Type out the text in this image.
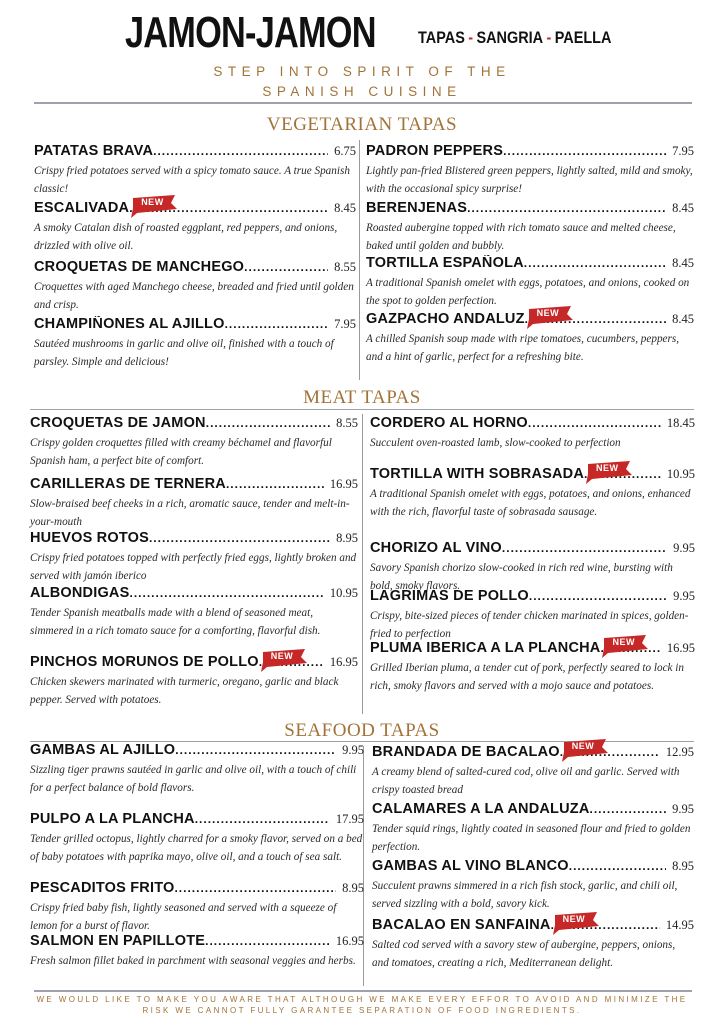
JAMON-JAMON TAPAS - SANGRIA - PAELLA
STEP INTO SPIRIT OF THE
SPANISH CUISINE
VEGETARIAN TAPAS
MEAT TAPAS
SEAFOOD TAPAS
PATATAS BRAVA .....	6.75
Crispy fried potatoes served with a spicy tomato sauce. A true Spanish classic!
ESCALIVADA .....	8.45
A smoky Catalan dish of roasted eggplant, red peppers, and onions, drizzled with olive oil.
NEW
CROQUETAS DE MANCHEGO .....	8.55
Croquettes with aged Manchego cheese, breaded and fried until golden and crisp.
CHAMPIÑONES AL AJILLO .....	7.95
Sautéed mushrooms in garlic and olive oil, finished with a touch of parsley. Simple and delicious!
PADRON PEPPERS .....	7.95
Lightly pan-fried Blistered green peppers, lightly salted, mild and smoky, with the occasional spicy surprise!
BERENJENAS .....	8.45
Roasted aubergine topped with rich tomato sauce and melted cheese, baked until golden and bubbly.
TORTILLA ESPAÑOLA .....	8.45
A traditional Spanish omelet with eggs, potatoes, and onions, cooked on the spot to golden perfection.
GAZPACHO ANDALUZ .....	8.45
A chilled Spanish soup made with ripe tomatoes, cucumbers, peppers, and a hint of garlic, perfect for a refreshing bite.
NEW
CROQUETAS DE JAMON .....	8.55
Crispy golden croquettes filled with creamy béchamel and flavorful Spanish ham, a perfect bite of comfort.
CARILLERAS DE TERNERA .....	16.95
Slow-braised beef cheeks in a rich, aromatic sauce, tender and melt-in-your-mouth
HUEVOS ROTOS .....	8.95
Crispy fried potatoes topped with perfectly fried eggs, lightly broken and served with jamón iberico
ALBONDIGAS .....	10.95
Tender Spanish meatballs made with a blend of seasoned meat, simmered in a rich tomato sauce for a comforting, flavorful dish.
PINCHOS MORUNOS DE POLLO .....	16.95
Chicken skewers marinated with turmeric, oregano, garlic and black pepper. Served with potatoes.
NEW
CORDERO AL HORNO .....	18.45
Succulent oven-roasted lamb, slow-cooked to perfection
TORTILLA WITH SOBRASADA .....	10.95
A traditional Spanish omelet with eggs, potatoes, and onions, enhanced with the rich, flavorful taste of sobrasada sausage.
NEW
CHORIZO AL VINO .....	9.95
Savory Spanish chorizo slow-cooked in rich red wine, bursting with bold, smoky flavors.
LAGRIMAS DE POLLO .....	9.95
Crispy, bite-sized pieces of tender chicken marinated in spices, golden-fried to perfection
PLUMA IBERICA A LA PLANCHA .....	16.95
Grilled Iberian pluma, a tender cut of pork, perfectly seared to lock in rich, smoky flavors and served with a mojo sauce and potatoes.
NEW
GAMBAS AL AJILLO .....	9.95
Sizzling tiger prawns sautéed in garlic and olive oil, with a touch of chili for a perfect balance of bold flavors.
PULPO A LA PLANCHA .....	17.95
Tender grilled octopus, lightly charred for a smoky flavor, served on a bed of baby potatoes with paprika mayo, olive oil, and a touch of sea salt.
PESCADITOS FRITO .....	8.95
Crispy fried baby fish, lightly seasoned and served with a squeeze of lemon for a burst of flavor.
SALMON EN PAPILLOTE .....	16.95
Fresh salmon fillet baked in parchment with seasonal veggies and herbs.
BRANDADA DE BACALAO .....	12.95
A creamy blend of salted-cured cod, olive oil and garlic. Served with crispy toasted bread
NEW
CALAMARES A LA ANDALUZA .....	9.95
Tender squid rings, lightly coated in seasoned flour and fried to golden perfection.
GAMBAS AL VINO BLANCO .....	8.95
Succulent prawns simmered in a rich fish stock, garlic, and chili oil, served sizzling with a bold, savory kick.
BACALAO EN SANFAINA .....	14.95
Salted cod served with a savory stew of aubergine, peppers, onions, and tomatoes, creating a rich, Mediterranean delight.
NEW
WE WOULD LIKE TO MAKE YOU AWARE THAT ALTHOUGH WE MAKE EVERY EFFOR TO AVOID AND MINIMIZE THE
RISK WE CANNOT FULLY GARANTEE SEPARATION OF FOOD INGREDIENTS.
